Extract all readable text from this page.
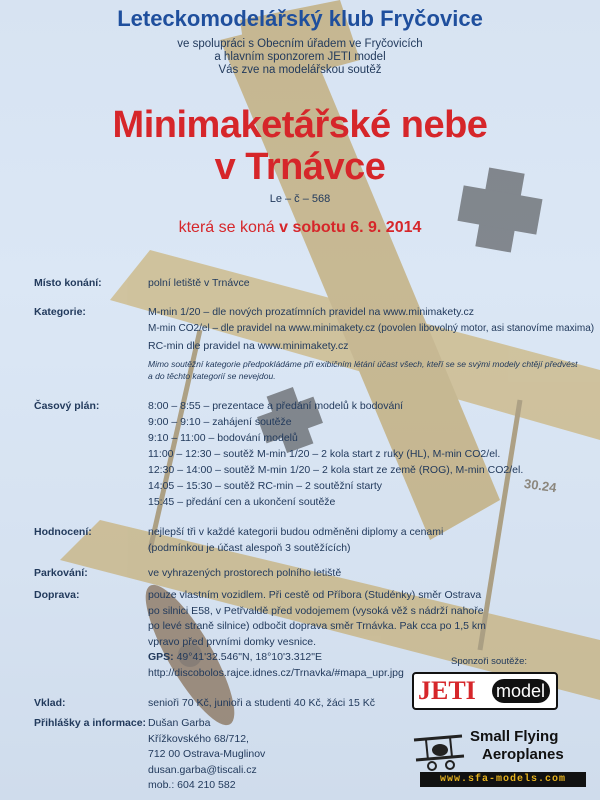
Leteckomodelářský klub Fryčovice
ve spolupráci s Obecním úřadem ve Fryčovicích
a hlavním sponzorem JETI model
Vás zve na modelářskou soutěž
Minimaketářské nebe
v Trnávce
Le – č – 568
která se koná v sobotu 6. 9. 2014
Místo konání:	polní letiště v Trnávce
Kategorie:	M-min 1/20 – dle nových prozatímních pravidel na www.minimakety.cz
M-min CO2/el – dle pravidel na www.minimakety.cz (povolen libovolný motor, asi stanovíme maxima)
RC-min dle pravidel na www.minimakety.cz
Mimo soutěžní kategorie předpokládáme při exibičním létání účast všech, kteří se se svými modely chtějí předvést
a do těchto kategorií se nevejdou.
Časový plán:	8:00 – 8:55 – prezentace a předání modelů k bodování
9:00 – 9:10 – zahájení soutěže
9:10 – 11:00 – bodování modelů
11:00 – 12:30 – soutěž M-min 1/20 – 2 kola start z ruky (HL), M-min CO2/el.
12:30 – 14:00 – soutěž M-min 1/20 – 2 kola start ze země (ROG), M-min CO2/el.
14:05 – 15:30 – soutěž RC-min – 2 soutěžní starty
15:45 – předání cen a ukončení soutěže
Hodnocení:	nejlepší tři v každé kategorii budou odměněni diplomy a cenami
(podmínkou je účast alespoň 3 soutěžících)
Parkování:	ve vyhrazených prostorech polního letiště
Doprava:	pouze vlastním vozidlem. Při cestě od Příbora (Studénky) směr Ostrava
po silnici E58, v Petřvaldě před vodojemem (vysoká věž s nádrží nahoře
po levé straně silnice) odbočit doprava směr Trnávka. Pak cca po 1,5 km
vpravo před prvními domky vesnice.
GPS: 49°41'32.546"N, 18°10'3.312"E
http://discobolos.rajce.idnes.cz/Trnavka/#mapa_upr.jpg
Vklad:	senioři 70 Kč, junioři a studenti 40 Kč, žáci 15 Kč
Přihlášky a informace: Dušan Garba
Křížkovského 68/712,
712 00 Ostrava-Muglinov
dusan.garba@tiscali.cz
mob.: 604 210 582
Sponzoři soutěže:
JETI model
Small Flying
Aeroplanes
www.sfa-models.com
30.24
